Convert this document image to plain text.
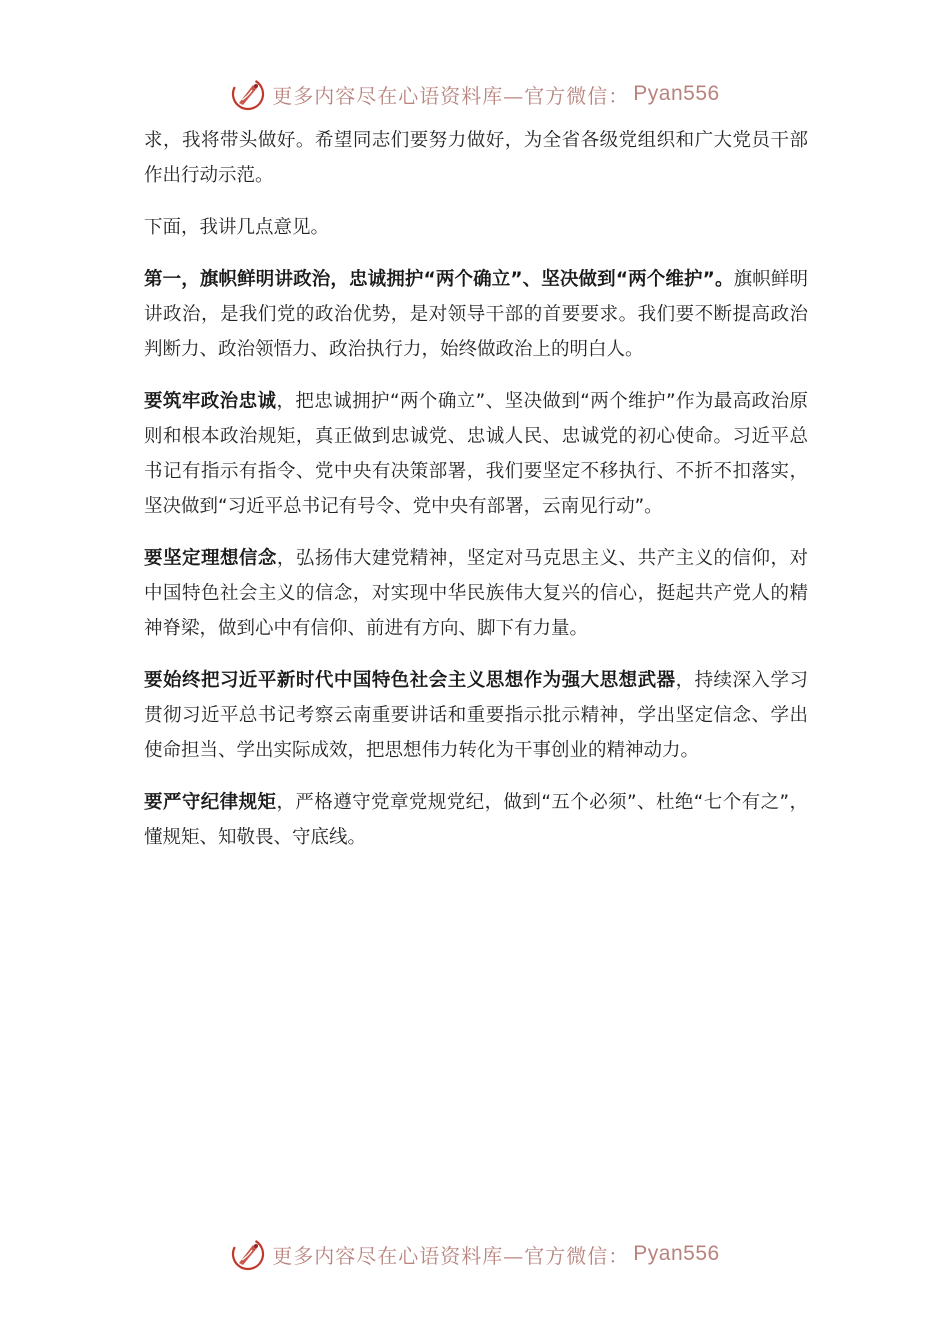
更多内容尽在心语资料库—官方微信： Pyan556

求，我将带头做好。希望同志们要努力做好，为全省各级党组织和广大党员干部作出行动示范。

下面，我讲几点意见。

第一，旗帜鲜明讲政治，忠诚拥护“两个确立”、坚决做到“两个维护”。旗帜鲜明讲政治，是我们党的政治优势，是对领导干部的首要要求。我们要不断提高政治判断力、政治领悟力、政治执行力，始终做政治上的明白人。

要筑牢政治忠诚，把忠诚拥护“两个确立”、坚决做到“两个维护”作为最高政治原则和根本政治规矩，真正做到忠诚党、忠诚人民、忠诚党的初心使命。习近平总书记有指示有指令、党中央有决策部署，我们要坚定不移执行、不折不扣落实，坚决做到“习近平总书记有号令、党中央有部署，云南见行动”。

要坚定理想信念，弘扬伟大建党精神，坚定对马克思主义、共产主义的信仰，对中国特色社会主义的信念，对实现中华民族伟大复兴的信心，挺起共产党人的精神脊梁，做到心中有信仰、前进有方向、脚下有力量。

要始终把习近平新时代中国特色社会主义思想作为强大思想武器，持续深入学习贯彻习近平总书记考察云南重要讲话和重要指示批示精神，学出坚定信念、学出使命担当、学出实际成效，把思想伟力转化为干事创业的精神动力。

要严守纪律规矩，严格遵守党章党规党纪，做到“五个必须”、杜绝“七个有之”，懂规矩、知敬畏、守底线。

更多内容尽在心语资料库—官方微信： Pyan556
